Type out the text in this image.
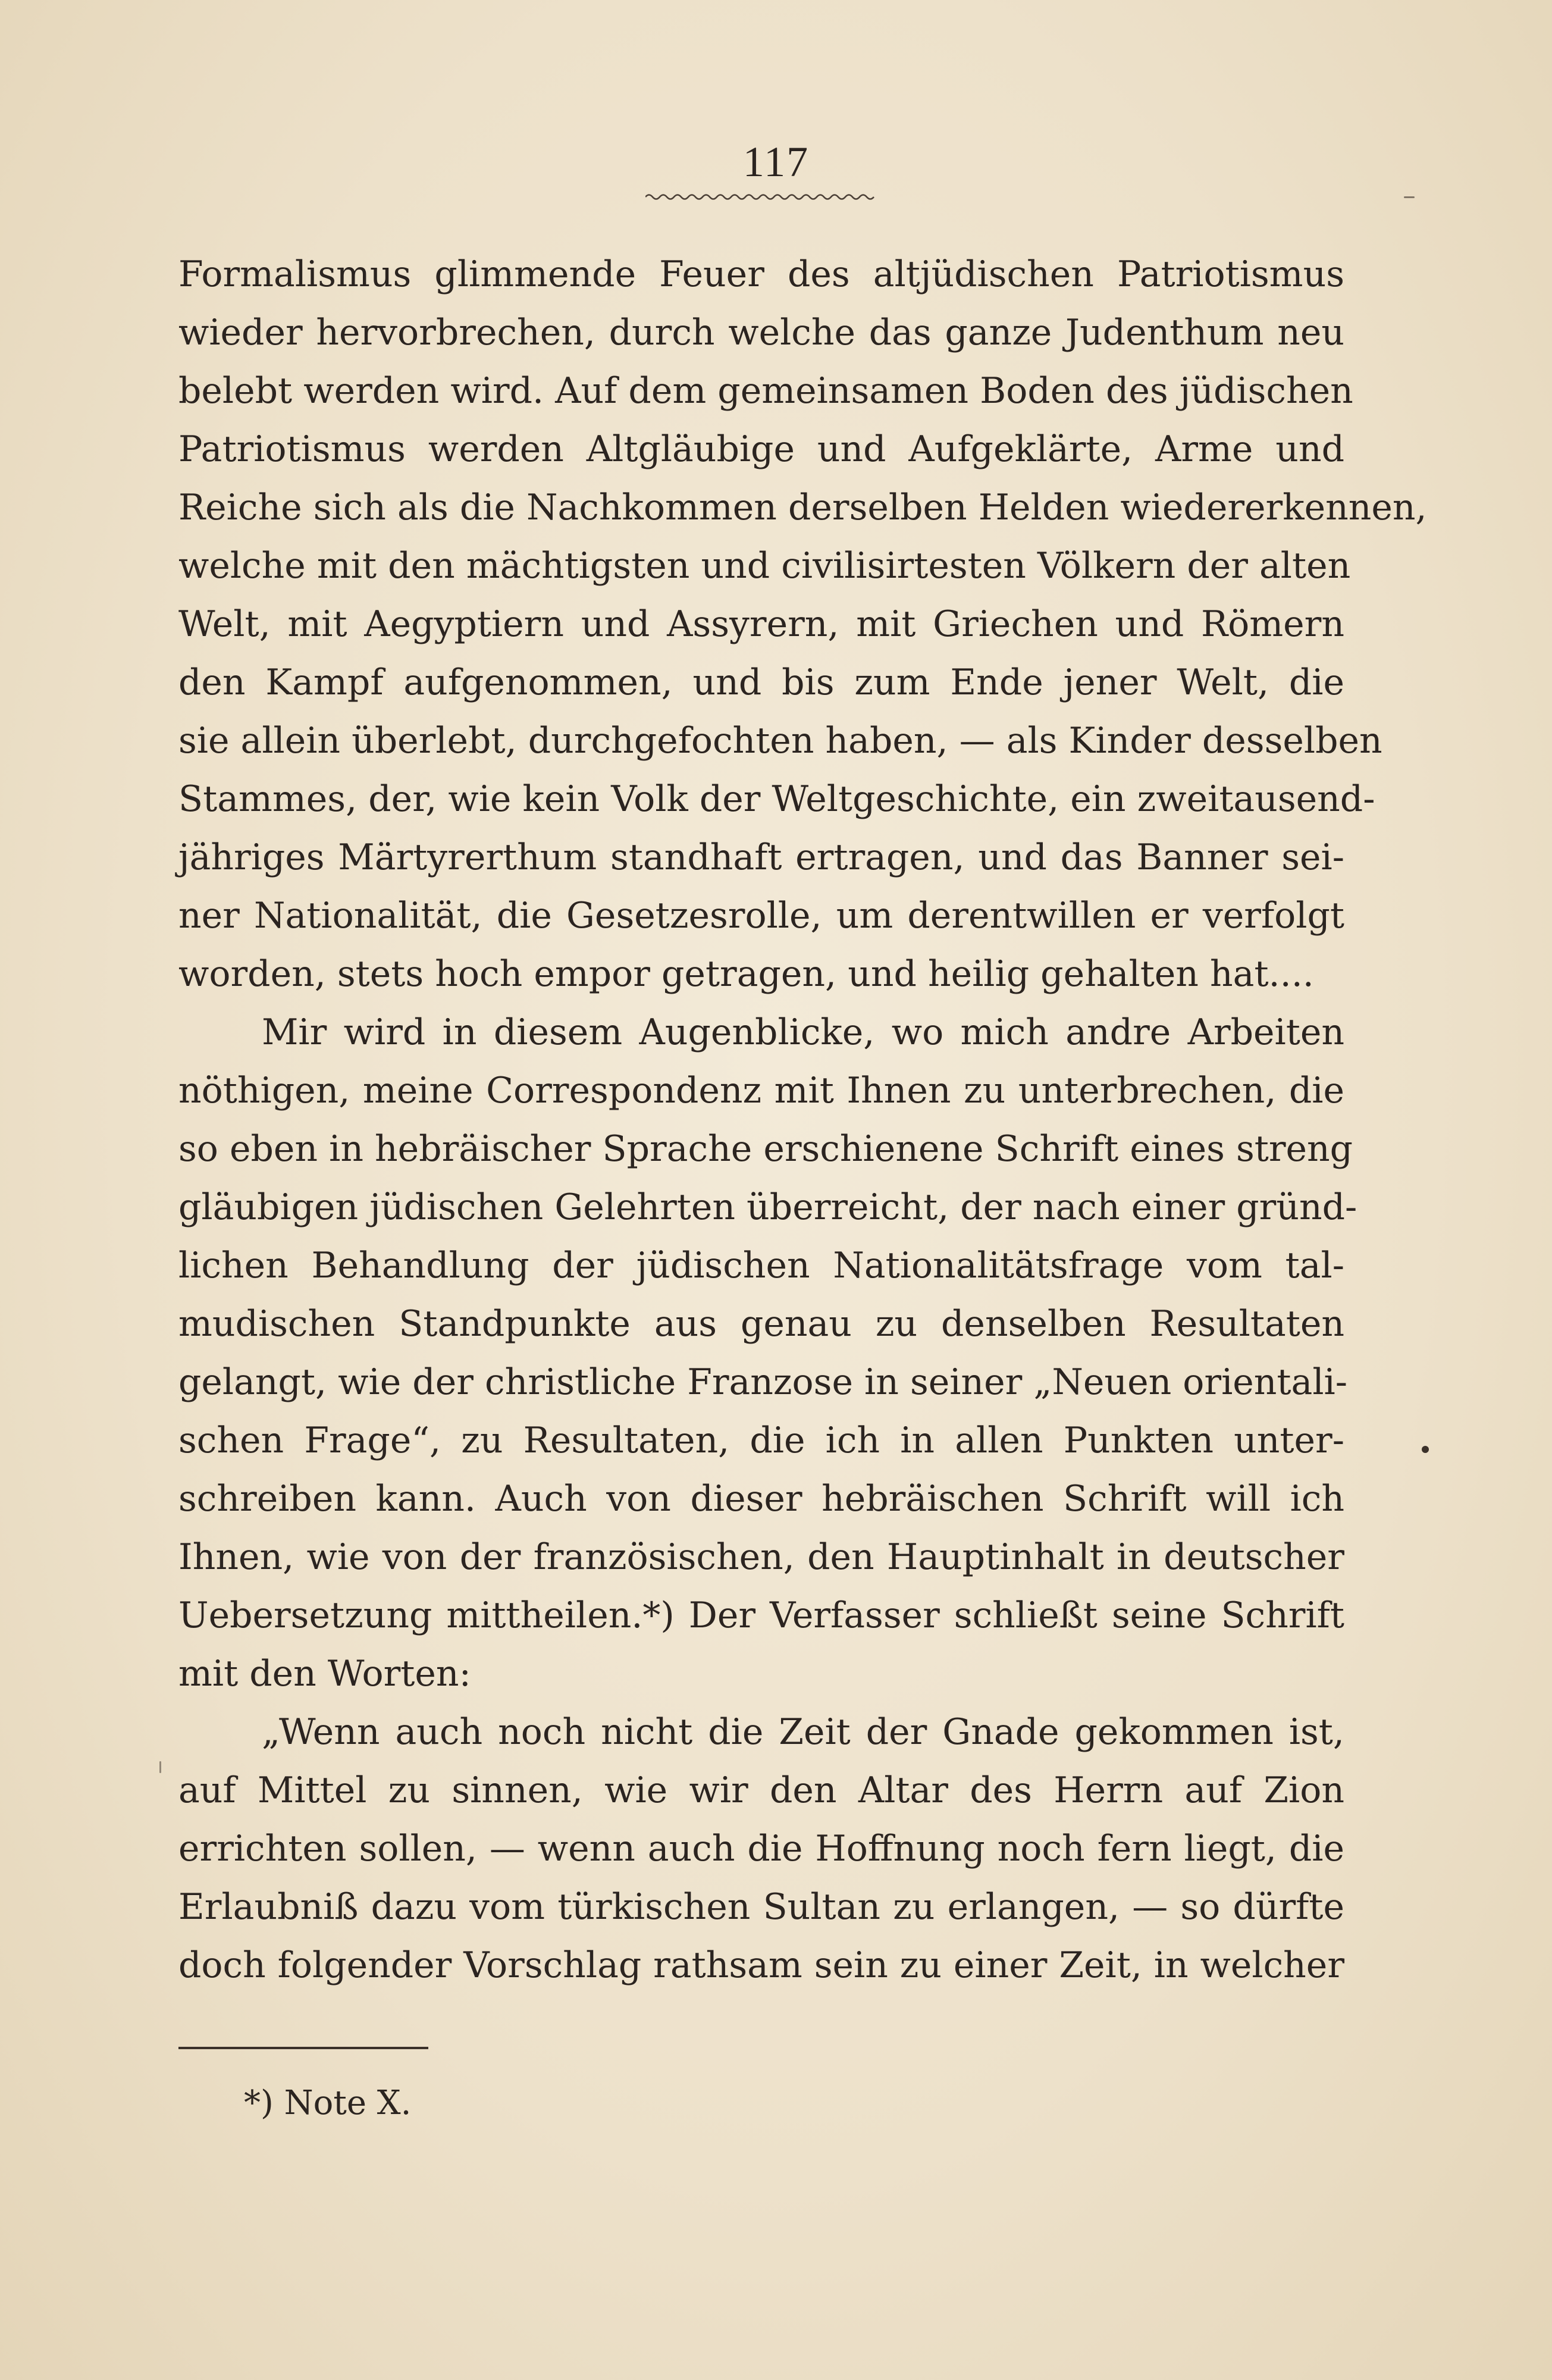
117
Formalismus glimmende Feuer des altjüdischen Patriotismus
wieder hervorbrechen, durch welche das ganze Judenthum neu
belebt werden wird. Auf dem gemeinsamen Boden des jüdischen
Patriotismus werden Altgläubige und Aufgeklärte, Arme und
Reiche sich als die Nachkommen derselben Helden wiedererkennen,
welche mit den mächtigsten und civilisirtesten Völkern der alten
Welt, mit Aegyptiern und Assyrern, mit Griechen und Römern
den Kampf aufgenommen, und bis zum Ende jener Welt, die
sie allein überlebt, durchgefochten haben, — als Kinder desselben
Stammes, der, wie kein Volk der Weltgeschichte, ein zweitausend-
jähriges Märtyrerthum standhaft ertragen, und das Banner sei-
ner Nationalität, die Gesetzesrolle, um derentwillen er verfolgt
worden, stets hoch empor getragen, und heilig gehalten hat....
Mir wird in diesem Augenblicke, wo mich andre Arbeiten
nöthigen, meine Correspondenz mit Ihnen zu unterbrechen, die
so eben in hebräischer Sprache erschienene Schrift eines streng
gläubigen jüdischen Gelehrten überreicht, der nach einer gründ-
lichen Behandlung der jüdischen Nationalitätsfrage vom tal-
mudischen Standpunkte aus genau zu denselben Resultaten
gelangt, wie der christliche Franzose in seiner „Neuen orientali-
schen Frage“, zu Resultaten, die ich in allen Punkten unter-
schreiben kann. Auch von dieser hebräischen Schrift will ich
Ihnen, wie von der französischen, den Hauptinhalt in deutscher
Uebersetzung mittheilen.*) Der Verfasser schließt seine Schrift
mit den Worten:
„Wenn auch noch nicht die Zeit der Gnade gekommen ist,
auf Mittel zu sinnen, wie wir den Altar des Herrn auf Zion
errichten sollen, — wenn auch die Hoffnung noch fern liegt, die
Erlaubniß dazu vom türkischen Sultan zu erlangen, — so dürfte
doch folgender Vorschlag rathsam sein zu einer Zeit, in welcher
*) Note X.
